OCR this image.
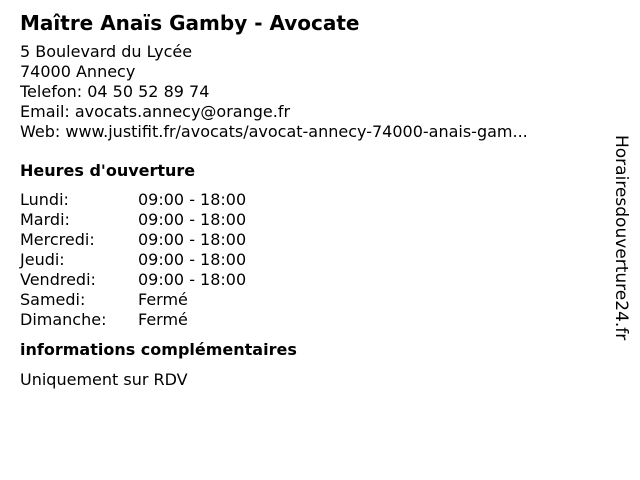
Maître Anaïs Gamby - Avocate
5 Boulevard du Lycée
74000 Annecy
Telefon: 04 50 52 89 74
Email: avocats.annecy@orange.fr
Web: www.justifit.fr/avocats/avocat-annecy-74000-anais-gam...
Heures d'ouverture
Lundi:	09:00 - 18:00
Mardi:	09:00 - 18:00
Mercredi:	09:00 - 18:00
Jeudi:	09:00 - 18:00
Vendredi:	09:00 - 18:00
Samedi:	Fermé
Dimanche:	Fermé
informations complémentaires
Uniquement sur RDV
Horairesdouverture24.fr
